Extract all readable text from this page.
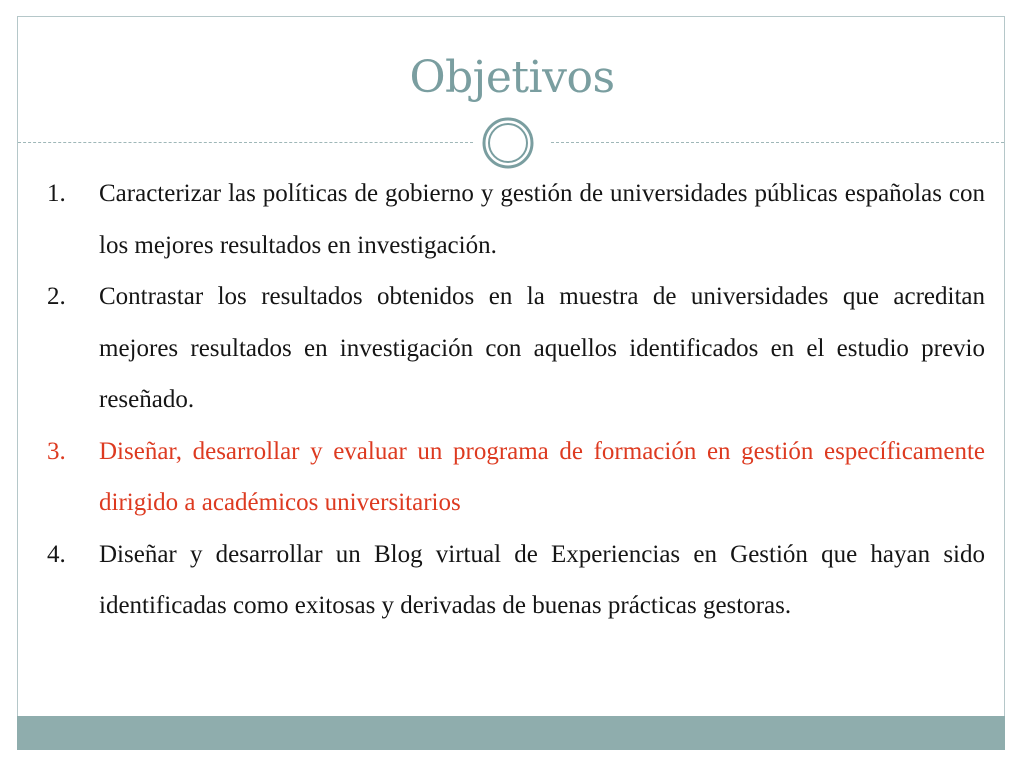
Objetivos
1. Caracterizar las políticas de gobierno y gestión de universidades públicas españolas con los mejores resultados en investigación.
2. Contrastar los resultados obtenidos en la muestra de universidades que acreditan mejores resultados en investigación con aquellos identificados en el estudio previo reseñado.
3. Diseñar, desarrollar y evaluar un programa de formación en gestión específicamente dirigido a académicos universitarios
4. Diseñar y desarrollar un Blog virtual de Experiencias en Gestión que hayan sido identificadas como exitosas y derivadas de buenas prácticas gestoras.
